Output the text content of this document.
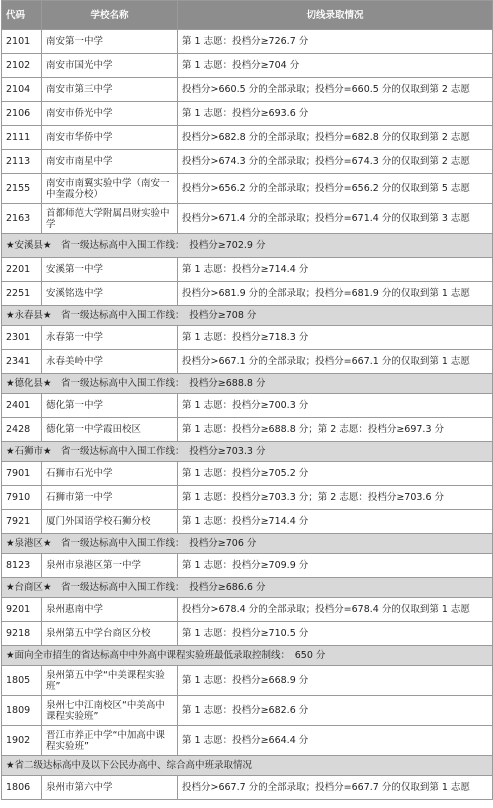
代码	学校名称	切线录取情况
2101	南安第一中学	第 1 志愿：投档分≥726.7 分
2102	南安市国光中学	第 1 志愿：投档分≥704 分
2104	南安市第三中学	投档分>660.5 分的全部录取；投档分=660.5 分的仅取到第 2 志愿
2106	南安市侨光中学	第 1 志愿：投档分≥693.6 分
2111	南安市华侨中学	投档分>682.8 分的全部录取；投档分=682.8 分的仅取到第 2 志愿
2113	南安市南星中学	投档分>674.3 分的全部录取；投档分=674.3 分的仅取到第 2 志愿
2155	南安市南翼实验中学（南安一中奎霞分校）	投档分>656.2 分的全部录取；投档分=656.2 分的仅取到第 5 志愿
2163	首都师范大学附属昌财实验中学	投档分>671.4 分的全部录取；投档分=671.4 分的仅取到第 3 志愿
★安溪县★　省一级达标高中入围工作线：　投档分≥702.9 分		
2201	安溪第一中学	第 1 志愿：投档分≥714.4 分
2251	安溪铭选中学	投档分>681.9 分的全部录取；投档分=681.9 分的仅取到第 1 志愿
★永春县★　省一级达标高中入围工作线：　投档分≥708 分		
2301	永春第一中学	第 1 志愿：投档分≥718.3 分
2341	永春美岭中学	投档分>667.1 分的全部录取；投档分=667.1 分的仅取到第 1 志愿
★德化县★　省一级达标高中入围工作线：　投档分≥688.8 分		
2401	德化第一中学	第 1 志愿：投档分≥700.3 分
2428	德化第一中学霞田校区	第 1 志愿：投档分≥688.8 分；第 2 志愿：投档分≥697.3 分
★石狮市★　省一级达标高中入围工作线：　投档分≥703.3 分		
7901	石狮市石光中学	第 1 志愿：投档分≥705.2 分
7910	石狮市第一中学	第 1 志愿：投档分≥703.3 分；第 2 志愿：投档分≥703.6 分
7921	厦门外国语学校石狮分校	第 1 志愿：投档分≥714.4 分
★泉港区★　省一级达标高中入围工作线：　投档分≥706 分		
8123	泉州市泉港区第一中学	第 1 志愿：投档分≥709.9 分
★台商区★　省一级达标高中入围工作线：　投档分≥686.6 分		
9201	泉州惠南中学	投档分>678.4 分的全部录取；投档分=678.4 分的仅取到第 1 志愿
9218	泉州第五中学台商区分校	第 1 志愿：投档分≥710.5 分
★面向全市招生的省达标高中中外高中课程实验班最低录取控制线：　650 分		
1805	泉州第五中学“中美课程实验班”	第 1 志愿：投档分≥668.9 分
1809	泉州七中江南校区“中美高中课程实验班”	第 1 志愿：投档分≥682.6 分
1902	晋江市养正中学“中加高中课程实验班”	第 1 志愿：投档分≥664.4 分
★省二级达标高中及以下公民办高中、综合高中班录取情况		
1806	泉州市第六中学	投档分>667.7 分的全部录取；投档分=667.7 分的仅取到第 1 志愿
